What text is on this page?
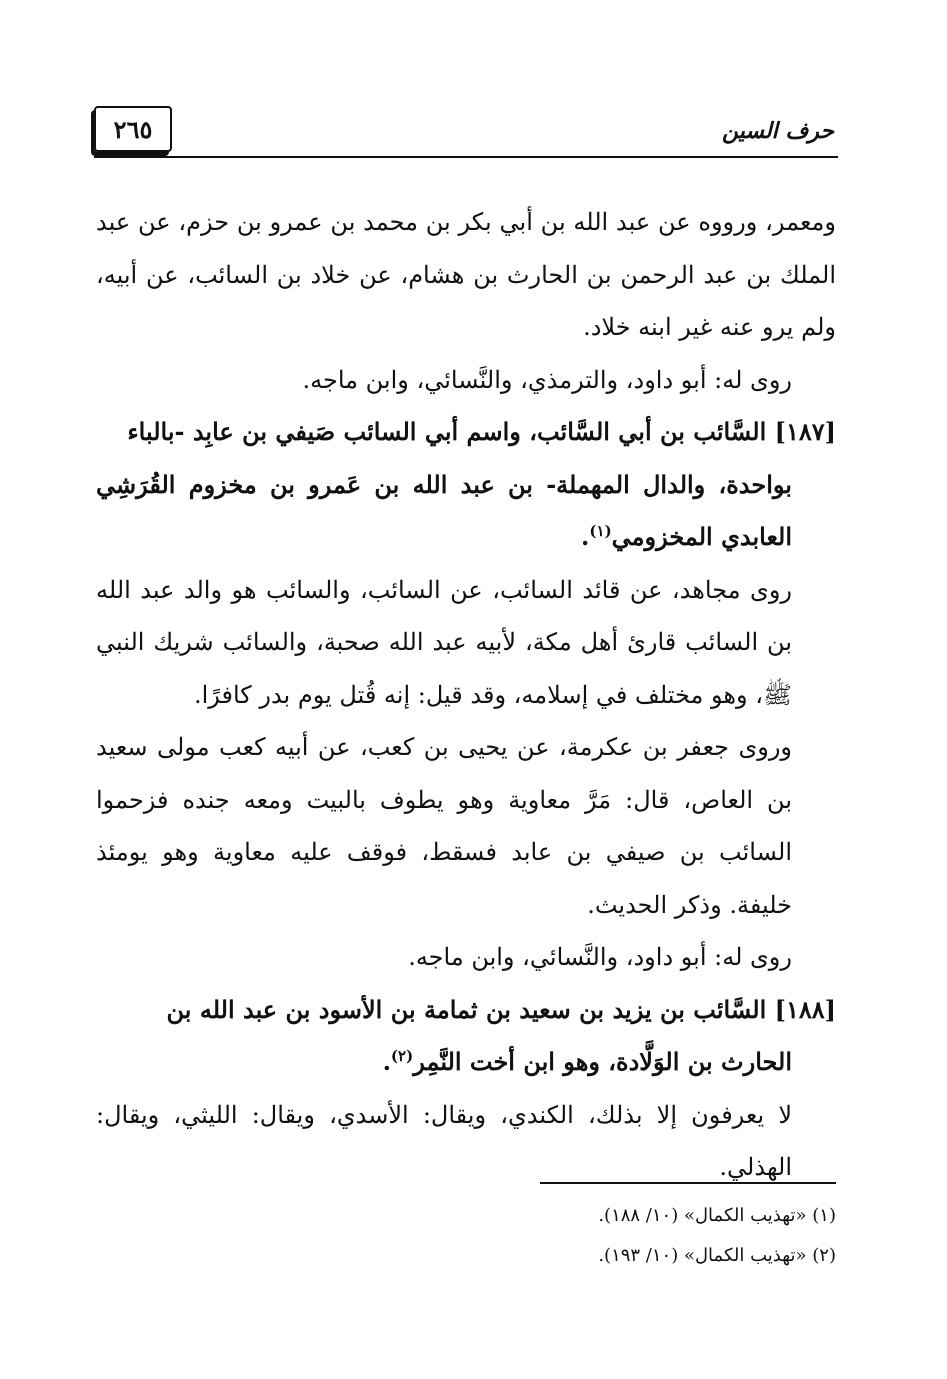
٢٦٥	حرف السين

ومعمر، ورووه عن عبد الله بن أبي بكر بن محمد بن عمرو بن حزم، عن عبد الملك بن عبد الرحمن بن الحارث بن هشام، عن خلاد بن السائب، عن أبيه، ولم يرو عنه غير ابنه خلاد.

روى له: أبو داود، والترمذي، والنَّسائي، وابن ماجه.

[١٨٧] السَّائب بن أبي السَّائب، واسم أبي السائب صَيفي بن عابِد -بالباء

بواحدة، والدال المهملة- بن عبد الله بن عَمرو بن مخزوم القُرَشِي العابدي المخزومي$^{(١)}$.

روى مجاهد، عن قائد السائب، عن السائب، والسائب هو والد عبد الله بن السائب قارئ أهل مكة، لأبيه عبد الله صحبة، والسائب شريك النبي ﷺ، وهو مختلف في إسلامه، وقد قيل: إنه قُتل يوم بدر كافرًا.

وروى جعفر بن عكرمة، عن يحيى بن كعب، عن أبيه كعب مولى سعيد بن العاص، قال: مَرَّ معاوية وهو يطوف بالبيت ومعه جنده فزحموا السائب بن صيفي بن عابد فسقط، فوقف عليه معاوية وهو يومئذ خليفة. وذكر الحديث.

روى له: أبو داود، والنَّسائي، وابن ماجه.

[١٨٨] السَّائب بن يزيد بن سعيد بن ثمامة بن الأسود بن عبد الله بن

الحارث بن الوَلَّادة، وهو ابن أخت النَّمِر$^{(٢)}$.

لا يعرفون إلا بذلك، الكندي، ويقال: الأسدي، ويقال: الليثي، ويقال: الهذلي.

(١) «تهذيب الكمال» (١٠/ ١٨٨).

(٢) «تهذيب الكمال» (١٠/ ١٩٣).
